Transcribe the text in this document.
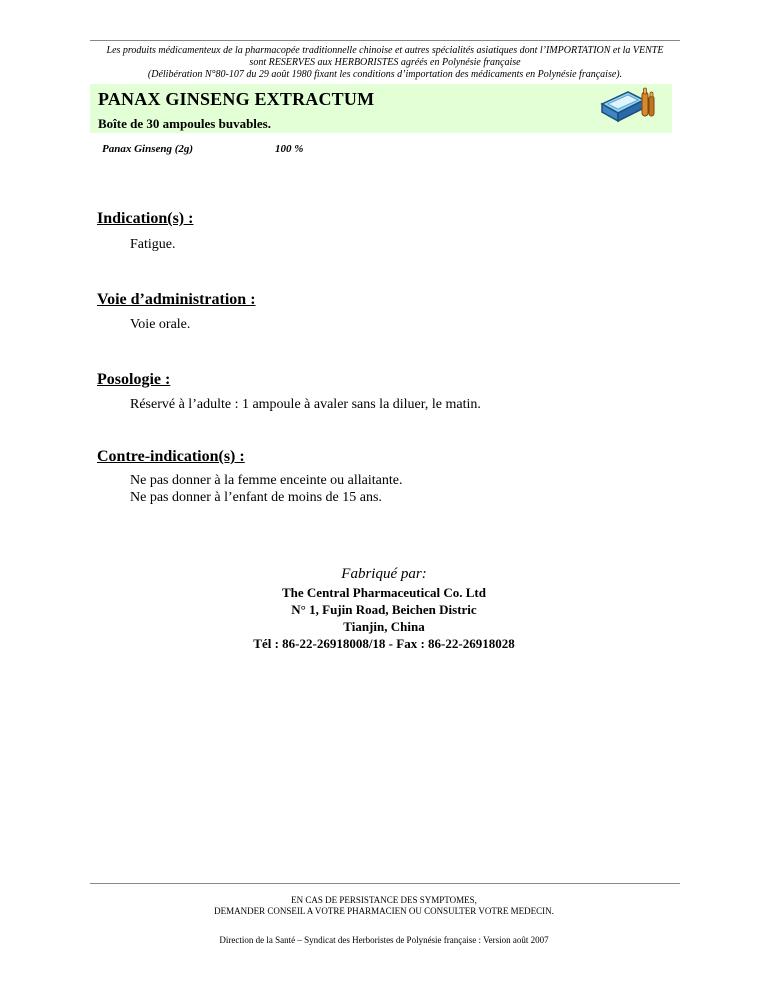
Les produits médicamenteux de la pharmacopée traditionnelle chinoise et autres spécialités asiatiques dont l’IMPORTATION et la VENTE
sont RESERVES aux HERBORISTES agréés en Polynésie française
(Délibération N°80-107 du 29 août 1980 fixant les conditions d’importation des médicaments en Polynésie française).
PANAX GINSENG EXTRACTUM
Boîte de 30 ampoules buvables.
Panax Ginseng (2g)	100 %
Indication(s) :
Fatigue.
Voie d’administration :
Voie orale.
Posologie :
Réservé à l’adulte : 1 ampoule à avaler sans la diluer, le matin.
Contre-indication(s) :
Ne pas donner à la femme enceinte ou allaitante.
Ne pas donner à l’enfant de moins de 15 ans.
Fabriqué par:
The Central Pharmaceutical Co. Ltd
N° 1, Fujin Road, Beichen Distric
Tianjin, China
Tél : 86-22-26918008/18 - Fax : 86-22-26918028
EN CAS DE PERSISTANCE DES SYMPTOMES,
DEMANDER CONSEIL A VOTRE PHARMACIEN OU CONSULTER VOTRE MEDECIN.
Direction de la Santé – Syndicat des Herboristes de Polynésie française : Version août 2007
